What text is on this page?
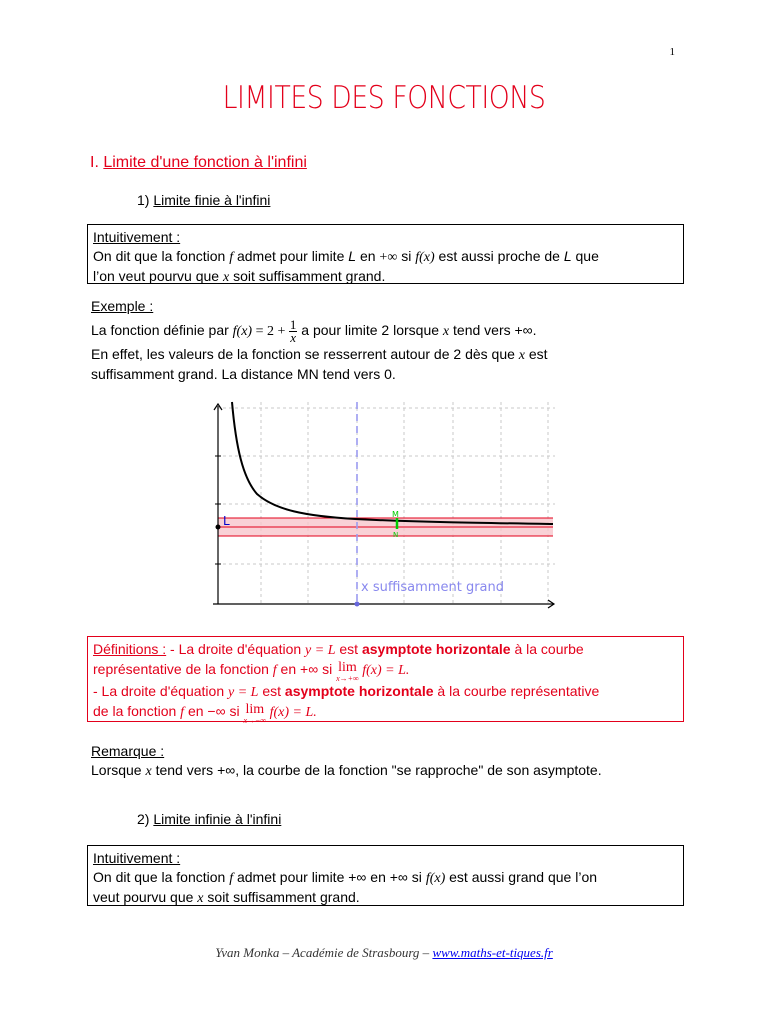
1
LIMITES DES FONCTIONS
I. Limite d'une fonction à l'infini
1) Limite finie à l'infini
Intuitivement :
On dit que la fonction f admet pour limite L en +∞ si f(x) est aussi proche de L que
l’on veut pourvu que x soit suffisamment grand.
Exemple :
La fonction définie par $f(x) = 2 + \frac{1}{x}$ a pour limite 2 lorsque x tend vers +∞.
En effet, les valeurs de la fonction se resserrent autour de 2 dès que x est
suffisamment grand. La distance MN tend vers 0.
L	M
N
x suffisamment grand
Définitions : - La droite d'équation y = L est asymptote horizontale à la courbe
représentative de la fonction f en +∞ si lim
x→+∞
f(x) = L.
- La droite d'équation y = L est asymptote horizontale à la courbe représentative
de la fonction f en −∞ si lim
x→−∞
f(x) = L.
Remarque :
Lorsque x tend vers +∞, la courbe de la fonction "se rapproche" de son asymptote.
2) Limite infinie à l'infini
Intuitivement :
On dit que la fonction f admet pour limite +∞ en +∞ si f(x) est aussi grand que l’on
veut pourvu que x soit suffisamment grand.
Yvan Monka – Académie de Strasbourg – www.maths-et-tiques.fr
